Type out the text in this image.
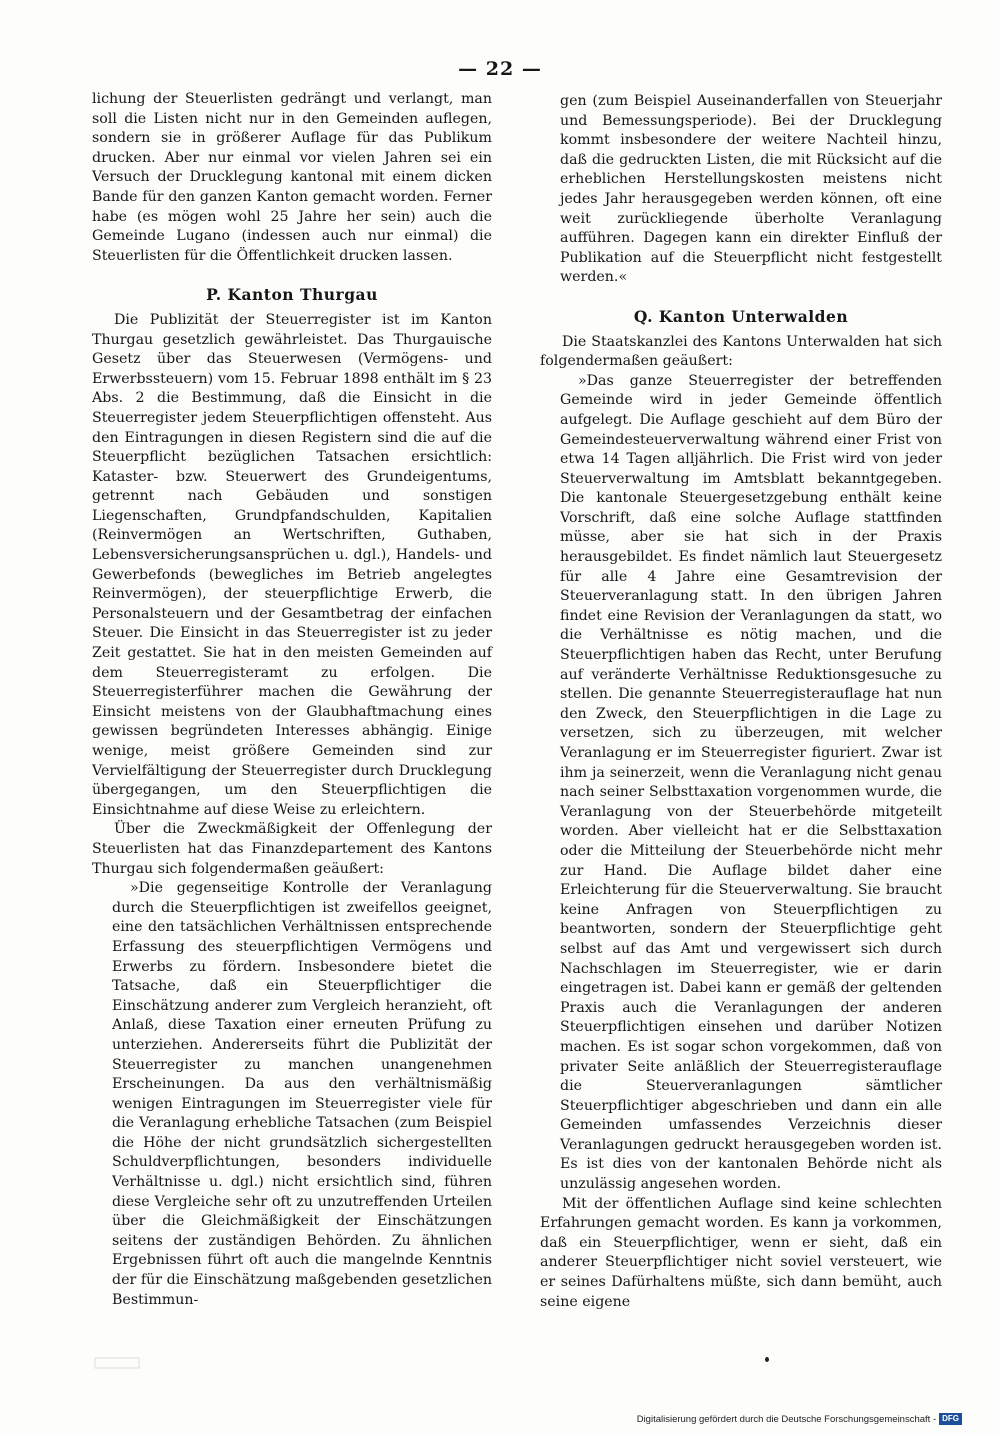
— 22 —

lichung der Steuerlisten gedrängt und verlangt, man soll die Listen nicht nur in den Gemeinden auflegen, sondern sie in größerer Auflage für das Publikum drucken. Aber nur einmal vor vielen Jahren sei ein Versuch der Drucklegung kantonal mit einem dicken Bande für den ganzen Kanton gemacht worden. Ferner habe (es mögen wohl 25 Jahre her sein) auch die Gemeinde Lugano (indessen auch nur einmal) die Steuerlisten für die Öffentlichkeit drucken lassen.

P. Kanton Thurgau

Die Publizität der Steuerregister ist im Kanton Thurgau gesetzlich gewährleistet. Das Thurgauische Gesetz über das Steuerwesen (Vermögens- und Erwerbssteuern) vom 15. Februar 1898 enthält im § 23 Abs. 2 die Bestimmung, daß die Einsicht in die Steuerregister jedem Steuerpflichtigen offensteht. Aus den Eintragungen in diesen Registern sind die auf die Steuerpflicht bezüglichen Tatsachen ersichtlich: Kataster- bzw. Steuerwert des Grundeigentums, getrennt nach Gebäuden und sonstigen Liegenschaften, Grundpfandschulden, Kapitalien (Reinvermögen an Wertschriften, Guthaben, Lebensversicherungsansprüchen u. dgl.), Handels- und Gewerbefonds (bewegliches im Betrieb angelegtes Reinvermögen), der steuerpflichtige Erwerb, die Personalsteuern und der Gesamtbetrag der einfachen Steuer. Die Einsicht in das Steuerregister ist zu jeder Zeit gestattet. Sie hat in den meisten Gemeinden auf dem Steuerregisteramt zu erfolgen. Die Steuerregisterführer machen die Gewährung der Einsicht meistens von der Glaubhaftmachung eines gewissen begründeten Interesses abhängig. Einige wenige, meist größere Gemeinden sind zur Vervielfältigung der Steuerregister durch Drucklegung übergegangen, um den Steuerpflichtigen die Einsichtnahme auf diese Weise zu erleichtern.

Über die Zweckmäßigkeit der Offenlegung der Steuerlisten hat das Finanzdepartement des Kantons Thurgau sich folgendermaßen geäußert:

»Die gegenseitige Kontrolle der Veranlagung durch die Steuerpflichtigen ist zweifellos geeignet, eine den tatsächlichen Verhältnissen entsprechende Erfassung des steuerpflichtigen Vermögens und Erwerbs zu fördern. Insbesondere bietet die Tatsache, daß ein Steuerpflichtiger die Einschätzung anderer zum Vergleich heranzieht, oft Anlaß, diese Taxation einer erneuten Prüfung zu unterziehen. Andererseits führt die Publizität der Steuerregister zu manchen unangenehmen Erscheinungen. Da aus den verhältnismäßig wenigen Eintragungen im Steuerregister viele für die Veranlagung erhebliche Tatsachen (zum Beispiel die Höhe der nicht grundsätzlich sichergestellten Schuldverpflichtungen, besonders individuelle Verhältnisse u. dgl.) nicht ersichtlich sind, führen diese Vergleiche sehr oft zu unzutreffenden Urteilen über die Gleichmäßigkeit der Einschätzungen seitens der zuständigen Behörden. Zu ähnlichen Ergebnissen führt oft auch die mangelnde Kenntnis der für die Einschätzung maßgebenden gesetzlichen Bestimmun-

gen (zum Beispiel Auseinanderfallen von Steuerjahr und Bemessungsperiode). Bei der Drucklegung kommt insbesondere der weitere Nachteil hinzu, daß die gedruckten Listen, die mit Rücksicht auf die erheblichen Herstellungskosten meistens nicht jedes Jahr herausgegeben werden können, oft eine weit zurückliegende überholte Veranlagung aufführen. Dagegen kann ein direkter Einfluß der Publikation auf die Steuerpflicht nicht festgestellt werden.«

Q. Kanton Unterwalden

Die Staatskanzlei des Kantons Unterwalden hat sich folgendermaßen geäußert:

»Das ganze Steuerregister der betreffenden Gemeinde wird in jeder Gemeinde öffentlich aufgelegt. Die Auflage geschieht auf dem Büro der Gemeindesteuerverwaltung während einer Frist von etwa 14 Tagen alljährlich. Die Frist wird von jeder Steuerverwaltung im Amtsblatt bekanntgegeben. Die kantonale Steuergesetzgebung enthält keine Vorschrift, daß eine solche Auflage stattfinden müsse, aber sie hat sich in der Praxis herausgebildet. Es findet nämlich laut Steuergesetz für alle 4 Jahre eine Gesamtrevision der Steuerveranlagung statt. In den übrigen Jahren findet eine Revision der Veranlagungen da statt, wo die Verhältnisse es nötig machen, und die Steuerpflichtigen haben das Recht, unter Berufung auf veränderte Verhältnisse Reduktionsgesuche zu stellen. Die genannte Steuerregisterauflage hat nun den Zweck, den Steuerpflichtigen in die Lage zu versetzen, sich zu überzeugen, mit welcher Veranlagung er im Steuerregister figuriert. Zwar ist ihm ja seinerzeit, wenn die Veranlagung nicht genau nach seiner Selbsttaxation vorgenommen wurde, die Veranlagung von der Steuerbehörde mitgeteilt worden. Aber vielleicht hat er die Selbsttaxation oder die Mitteilung der Steuerbehörde nicht mehr zur Hand. Die Auflage bildet daher eine Erleichterung für die Steuerverwaltung. Sie braucht keine Anfragen von Steuerpflichtigen zu beantworten, sondern der Steuerpflichtige geht selbst auf das Amt und vergewissert sich durch Nachschlagen im Steuerregister, wie er darin eingetragen ist. Dabei kann er gemäß der geltenden Praxis auch die Veranlagungen der anderen Steuerpflichtigen einsehen und darüber Notizen machen. Es ist sogar schon vorgekommen, daß von privater Seite anläßlich der Steuerregisterauflage die Steuerveranlagungen sämtlicher Steuerpflichtiger abgeschrieben und dann ein alle Gemeinden umfassendes Verzeichnis dieser Veranlagungen gedruckt herausgegeben worden ist. Es ist dies von der kantonalen Behörde nicht als unzulässig angesehen worden.

Mit der öffentlichen Auflage sind keine schlechten Erfahrungen gemacht worden. Es kann ja vorkommen, daß ein Steuerpflichtiger, wenn er sieht, daß ein anderer Steuerpflichtiger nicht soviel versteuert, wie er seines Dafürhaltens müßte, sich dann bemüht, auch seine eigene

Digitalisierung gefördert durch die Deutsche Forschungsgemeinschaft - DFG
